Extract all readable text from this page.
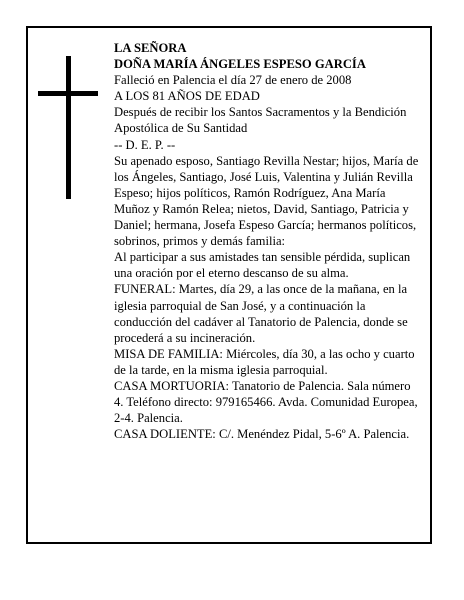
LA SEÑORA

DOÑA MARÍA ÁNGELES ESPESO GARCÍA

Falleció en Palencia el día 27 de enero de 2008

A LOS 81 AÑOS DE EDAD

Después de recibir los Santos Sacramentos y la Bendición Apostólica de Su Santidad

-- D. E. P. --

Su apenado esposo, Santiago Revilla Nestar; hijos, María de los Ángeles, Santiago, José Luis, Valentina y Julián Revilla Espeso; hijos políticos, Ramón Rodríguez, Ana María Muñoz y Ramón Relea; nietos, David, Santiago, Patricia y Daniel; hermana, Josefa Espeso García; hermanos políticos, sobrinos, primos y demás familia:

Al participar a sus amistades tan sensible pérdida, suplican una oración por el eterno descanso de su alma.

FUNERAL: Martes, día 29, a las once de la mañana, en la iglesia parroquial de San José, y a continuación la conducción del cadáver al Tanatorio de Palencia, donde se procederá a su incineración.

MISA DE FAMILIA: Miércoles, día 30, a las ocho y cuarto de la tarde, en la misma iglesia parroquial.

CASA MORTUORIA: Tanatorio de Palencia. Sala número 4. Teléfono directo: 979165466. Avda. Comunidad Europea, 2-4. Palencia.

CASA DOLIENTE: C/. Menéndez Pidal, 5-6º A. Palencia.
